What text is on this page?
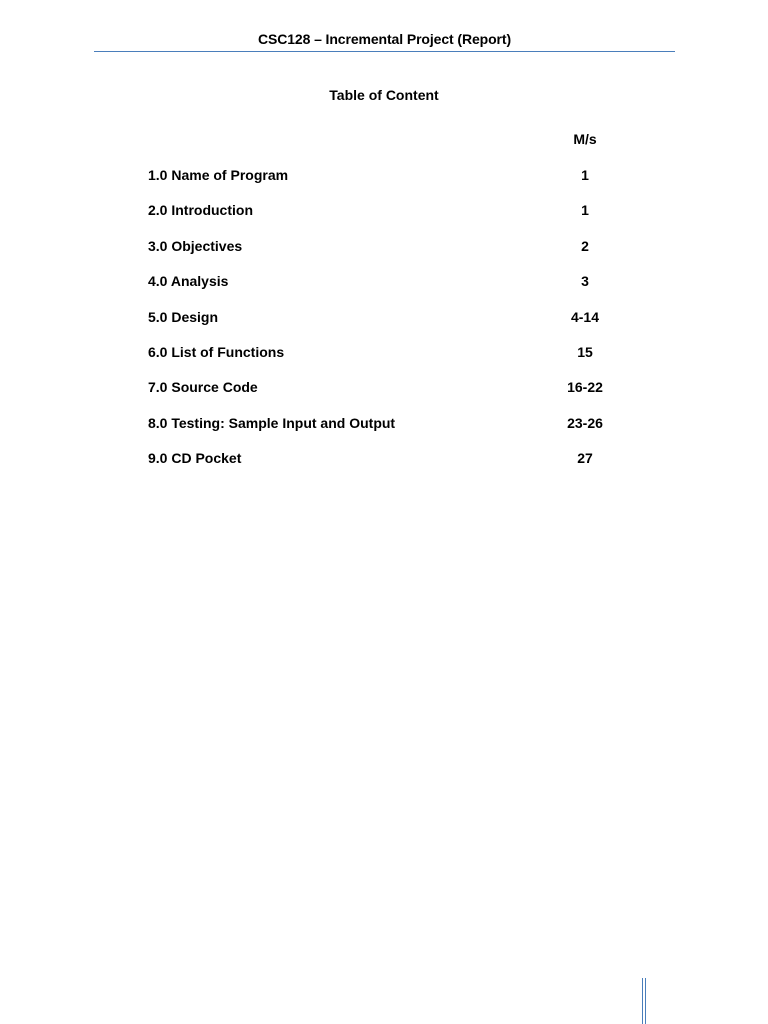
CSC128 – Incremental Project (Report)
Table of Content
M/s
1.0 Name of Program	1
2.0 Introduction	1
3.0 Objectives	2
4.0 Analysis	3
5.0 Design	4-14
6.0 List of Functions	15
7.0 Source Code	16-22
8.0 Testing: Sample Input and Output	23-26
9.0 CD Pocket	27
